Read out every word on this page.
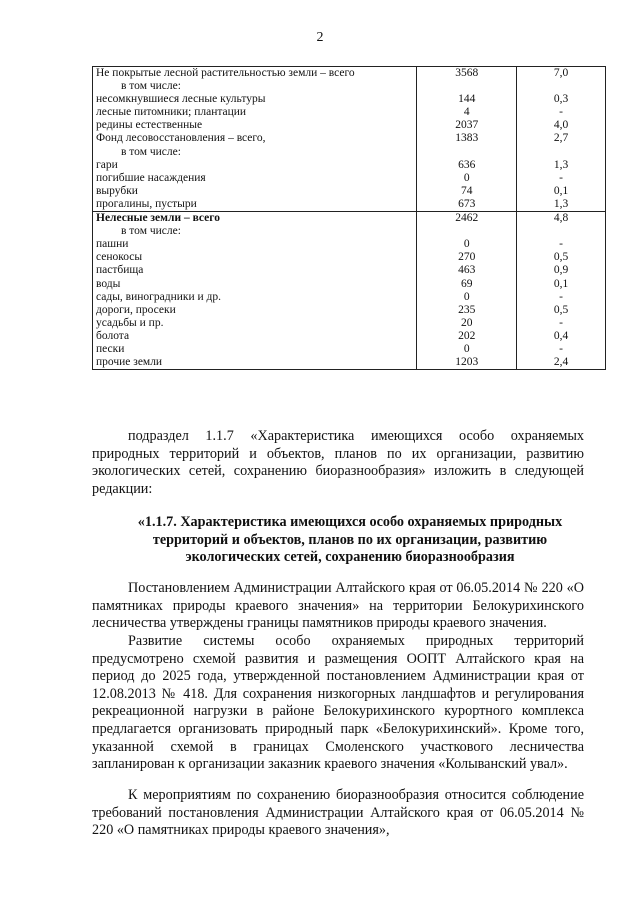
2
Не покрытые лесной растительностью земли – всего	3568	7,0
в том числе:		
несомкнувшиеся лесные культуры	144	0,3
лесные питомники; плантации	4	-
редины естественные	2037	4,0
Фонд лесовосстановления – всего,	1383	2,7
в том числе:		
гари	636	1,3
погибшие насаждения	0	-
вырубки	74	0,1
прогалины, пустыри	673	1,3
Нелесные земли – всего	2462	4,8
в том числе:		
пашни	0	-
сенокосы	270	0,5
пастбища	463	0,9
воды	69	0,1
сады, виноградники и др.	0	-
дороги, просеки	235	0,5
усадьбы и пр.	20	-
болота	202	0,4
пески	0	-
прочие земли	1203	2,4
подраздел 1.1.7 «Характеристика имеющихся особо охраняемых природных территорий и объектов, планов по их организации, развитию экологических сетей, сохранению биоразнообразия» изложить в следующей редакции:
«1.1.7. Характеристика имеющихся особо охраняемых природных территорий и объектов, планов по их организации, развитию экологических сетей, сохранению биоразнообразия
Постановлением Администрации Алтайского края от 06.05.2014 № 220 «О памятниках природы краевого значения» на территории Белокурихинского лесничества утверждены границы памятников природы краевого значения.
Развитие системы особо охраняемых природных территорий предусмотрено схемой развития и размещения ООПТ Алтайского края на период до 2025 года, утвержденной постановлением Администрации края от 12.08.2013 № 418. Для сохранения низкогорных ландшафтов и регулирования рекреационной нагрузки в районе Белокурихинского курортного комплекса предлагается организовать природный парк «Белокурихинский». Кроме того, указанной схемой в границах Смоленского участкового лесничества запланирован к организации заказник краевого значения «Колыванский увал».
К мероприятиям по сохранению биоразнообразия относится соблюдение требований постановления Администрации Алтайского края от 06.05.2014 № 220 «О памятниках природы краевого значения»,
